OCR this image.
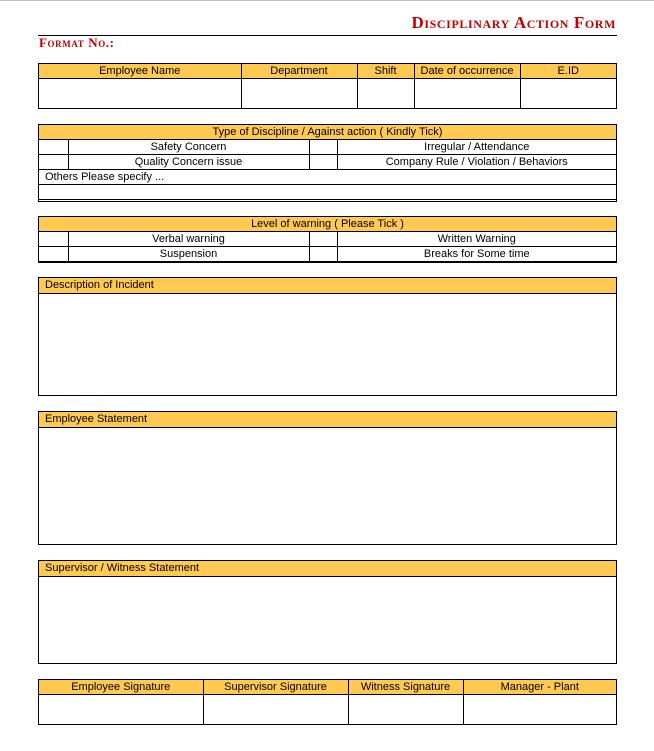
Disciplinary Action Form
Format No.:
Employee Name	Department	Shift	Date of occurrence	E.ID

Type of Discipline / Against action ( Kindly Tick)			
	Safety Concern		Irregular / Attendance
	Quality Concern issue		Company Rule / Violation / Behaviors
Others Please specify ...			

Level of warning ( Please Tick )			
	Verbal warning		Written Warning
	Suspension		Breaks for Some time
Description of Incident
Employee Statement
Supervisor / Witness Statement
Employee Signature	Supervisor Signature	Witness Signature	Manager - Plant
